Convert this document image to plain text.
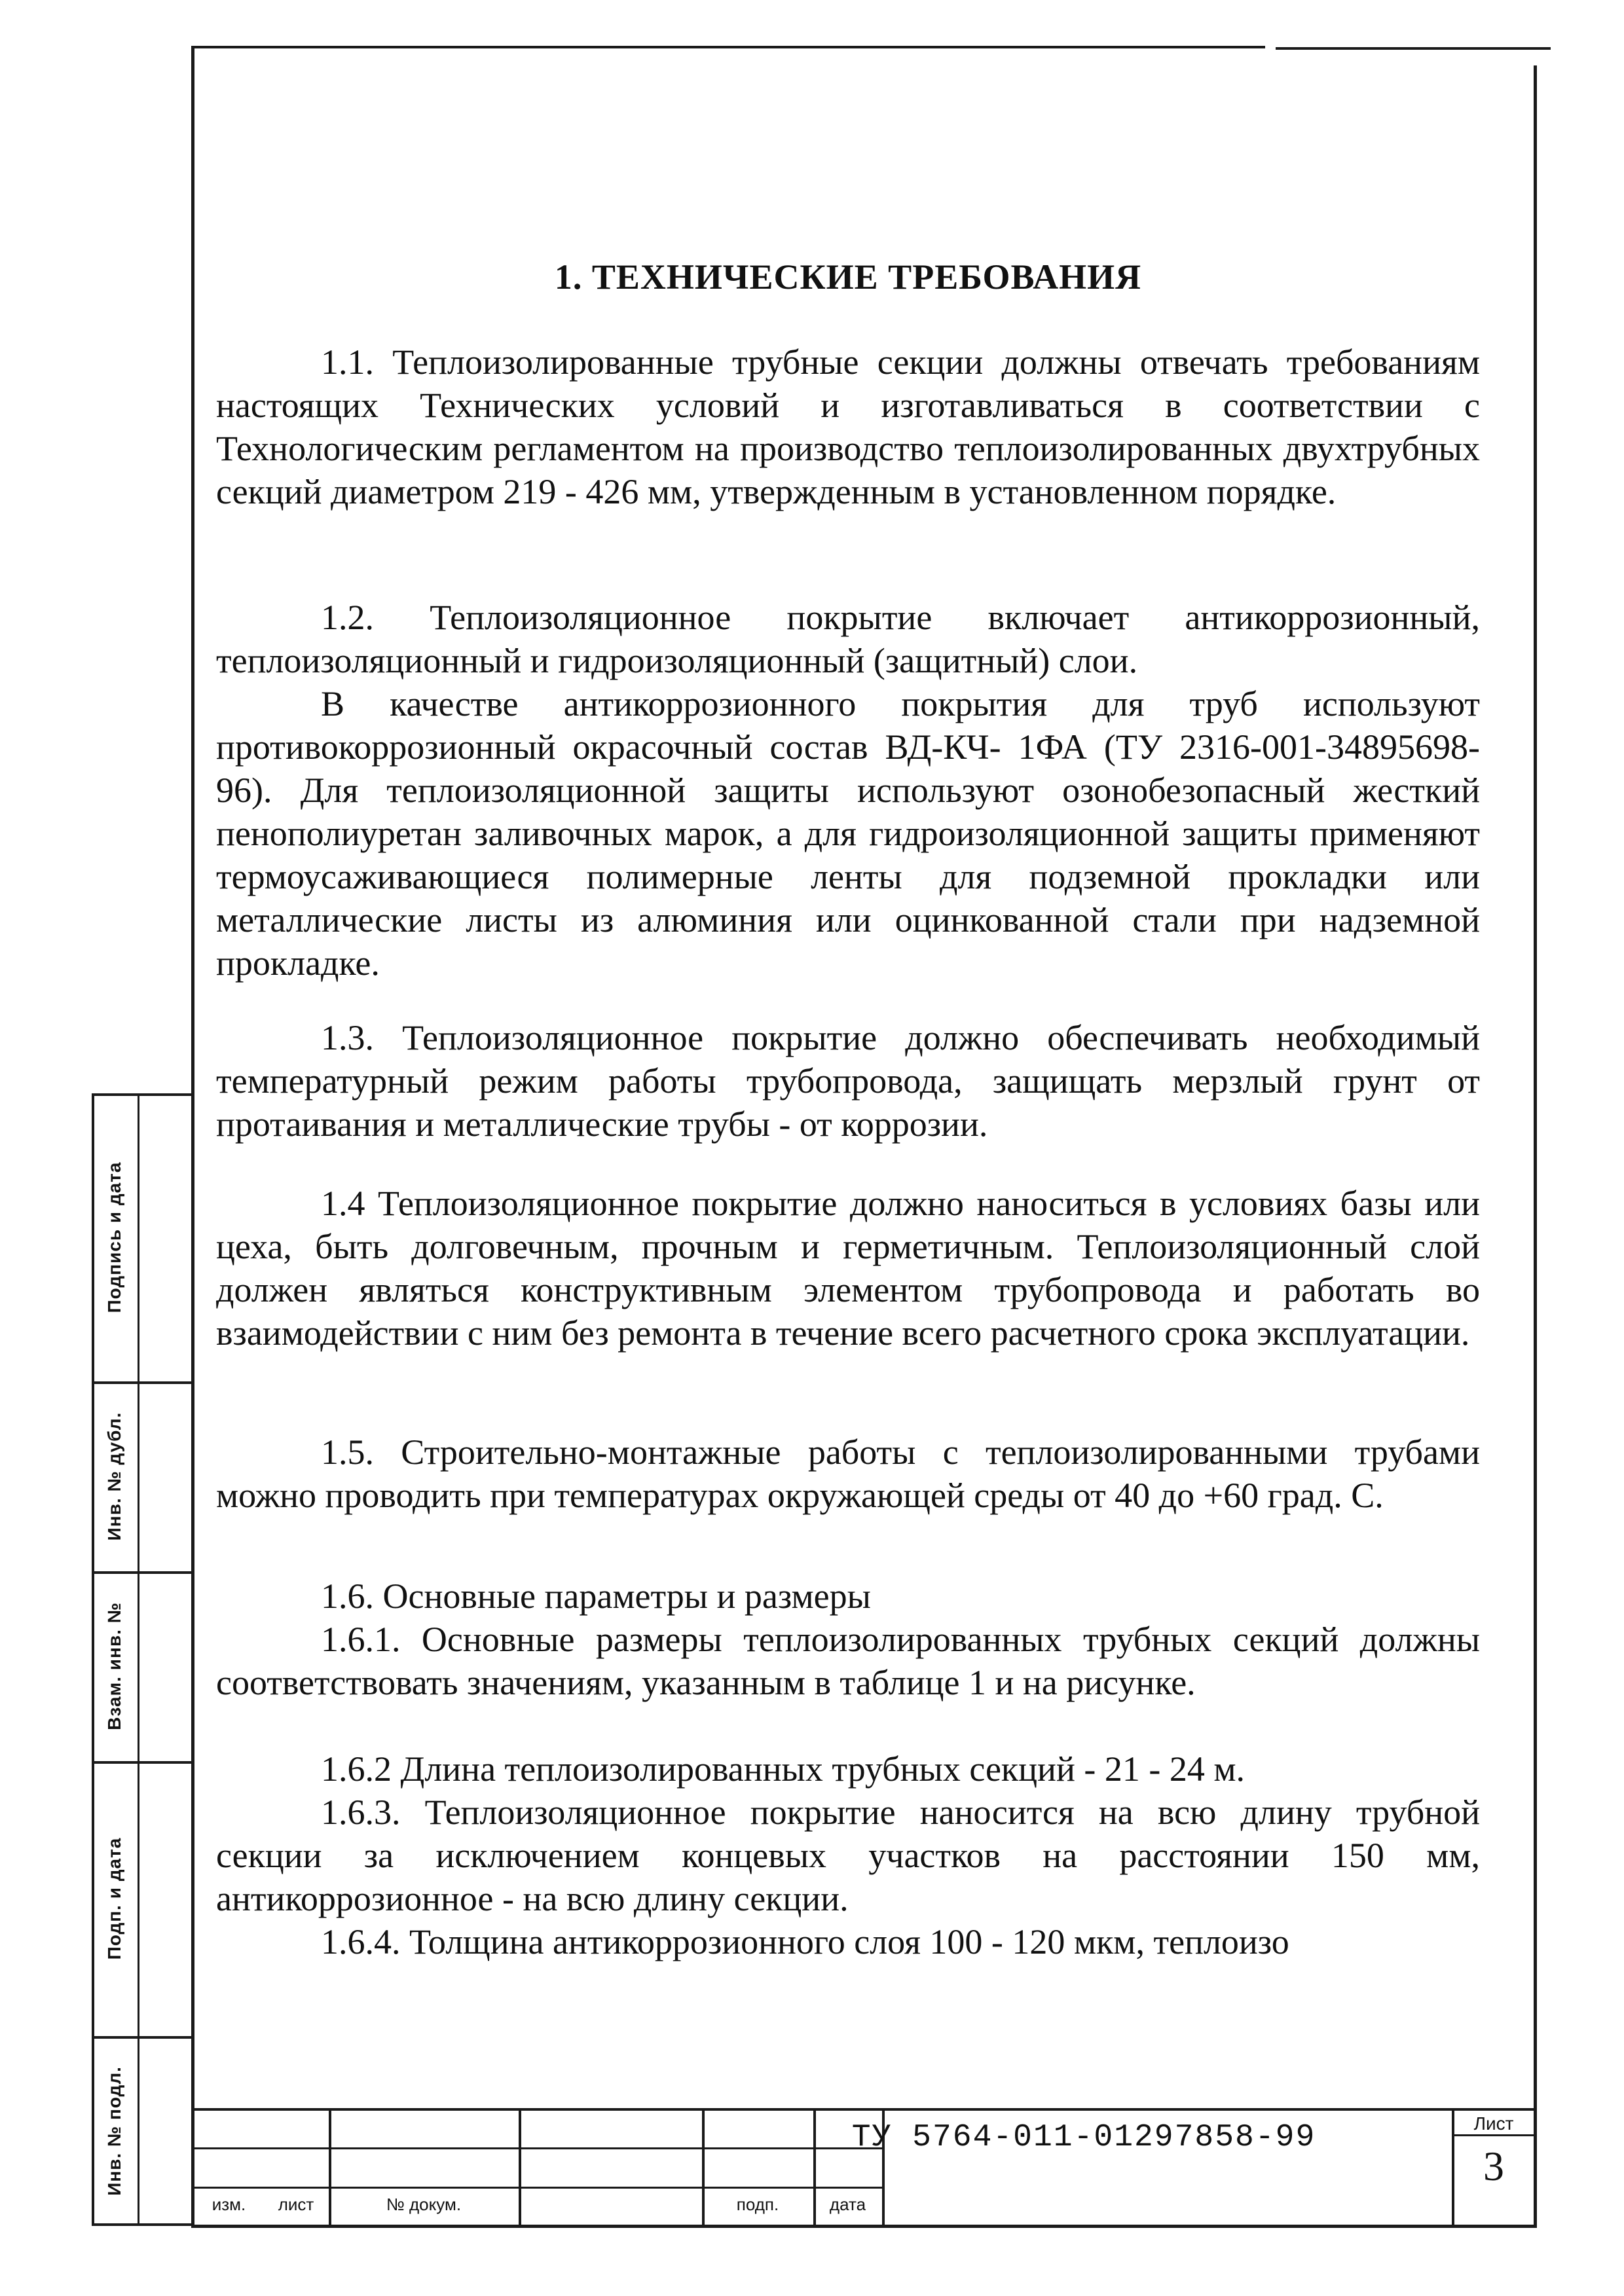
1. ТЕХНИЧЕСКИЕ ТРЕБОВАНИЯ
1.1. Теплоизолированные трубные секции должны отвечать требованиям настоящих Технических условий и изготавливаться в соответствии с Технологическим регламентом на производство теплоизолированных двухтрубных секций диаметром 219 - 426 мм, утвержденным в установленном порядке.
1.2. Теплоизоляционное покрытие включает антикоррозионный, теплоизоляционный и гидроизоляционный (защитный) слои.
В качестве антикоррозионного покрытия для труб используют противокоррозионный окрасочный состав ВД-КЧ- 1ФА (ТУ 2316-001-34895698-96). Для теплоизоляционной защиты используют озонобезопасный жесткий пенополиуретан заливочных марок, а для гидроизоляционной защиты применяют термоусаживающиеся полимерные ленты для подземной прокладки или металлические листы из алюминия или оцинкованной стали при надземной прокладке.
1.3. Теплоизоляционное покрытие должно обеспечивать необходимый температурный режим работы трубопровода, защищать мерзлый грунт от протаивания и металлические трубы - от коррозии.
1.4 Теплоизоляционное покрытие должно наноситься в условиях базы или цеха, быть долговечным, прочным и герметичным. Теплоизоляционный слой должен являться конструктивным элементом трубопровода и работать во взаимодействии с ним без ремонта в течение всего расчетного срока эксплуатации.
1.5. Строительно-монтажные работы с теплоизолированными трубами можно проводить при температурах окружающей среды от 40 до +60 град. С.
1.6. Основные параметры и размеры
1.6.1. Основные размеры теплоизолированных трубных секций должны соответствовать значениям, указанным в таблице 1 и на рисунке.
1.6.2 Длина теплоизолированных трубных секций - 21 - 24 м.
1.6.3. Теплоизоляционное покрытие наносится на всю длину трубной секции за исключением концевых участков на расстоянии 150 мм, антикоррозионное - на всю длину секции.
1.6.4. Толщина антикоррозионного слоя 100 - 120 мкм, теплоизо
Подпись и дата
Инв. № дубл.
Взам. инв. №
Подп. и дата
Инв. № подл.
изм.	лист	№ докум.	подп.	дата
ТУ 5764-011-01297858-99	Лист
3
